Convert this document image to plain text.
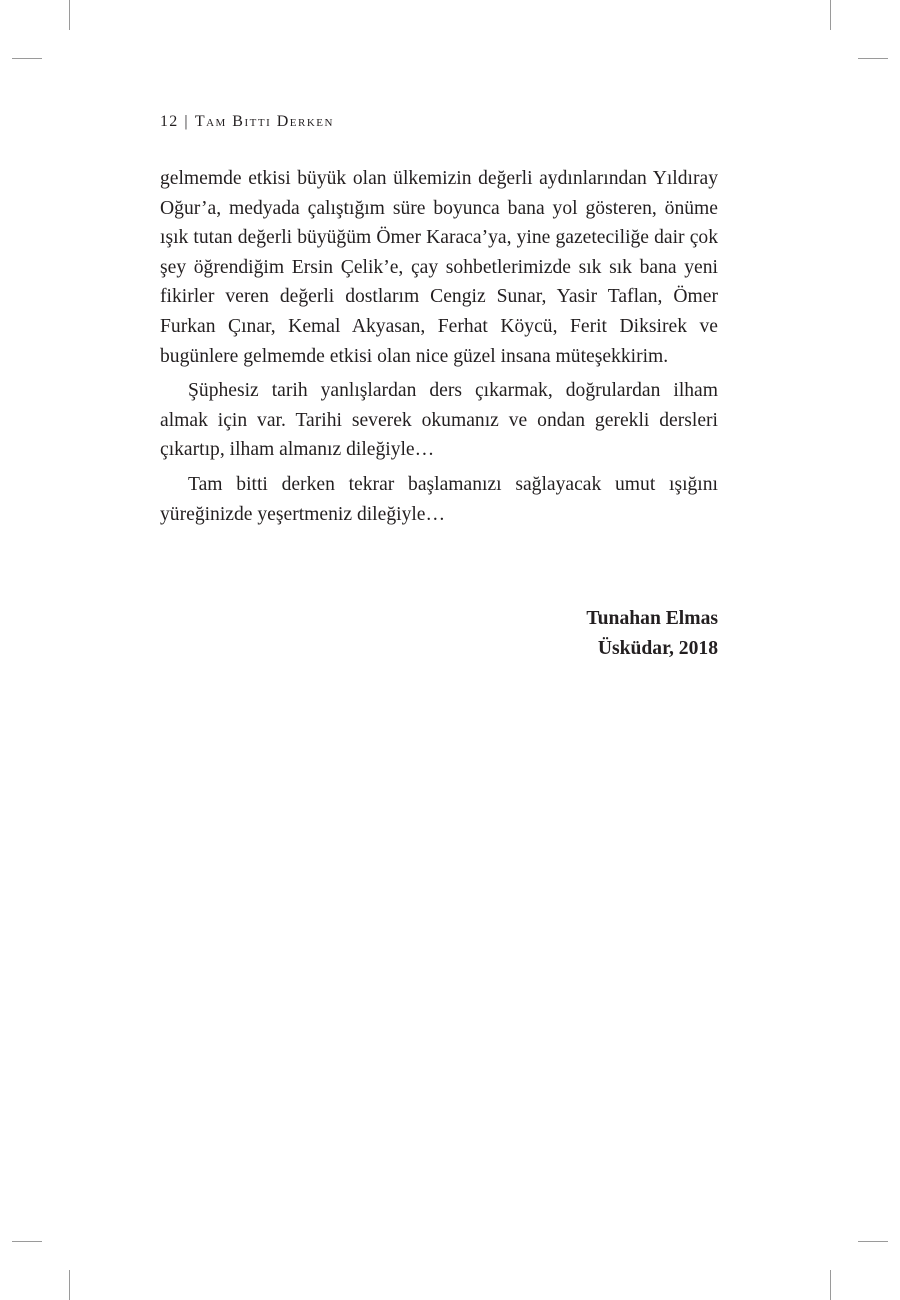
12 | Tam Bitti Derken

gelmemde etkisi büyük olan ülkemizin değerli aydınlarından Yıldıray Oğur’a, medyada çalıştığım süre boyunca bana yol gösteren, önüme ışık tutan değerli büyüğüm Ömer Karaca’ya, yine gazeteciliğe dair çok şey öğrendiğim Ersin Çelik’e, çay sohbetlerimizde sık sık bana yeni fikirler veren değerli dostlarım Cengiz Sunar, Yasir Taflan, Ömer Furkan Çınar, Kemal Akyasan, Ferhat Köycü, Ferit Diksirek ve bugünlere gelmemde etkisi olan nice güzel insana müteşekkirim.

Şüphesiz tarih yanlışlardan ders çıkarmak, doğrulardan ilham almak için var. Tarihi severek okumanız ve ondan gerekli dersleri çıkartıp, ilham almanız dileğiyle…

Tam bitti derken tekrar başlamanızı sağlayacak umut ışığını yüreğinizde yeşertmeniz dileğiyle…

Tunahan Elmas
Üsküdar, 2018
